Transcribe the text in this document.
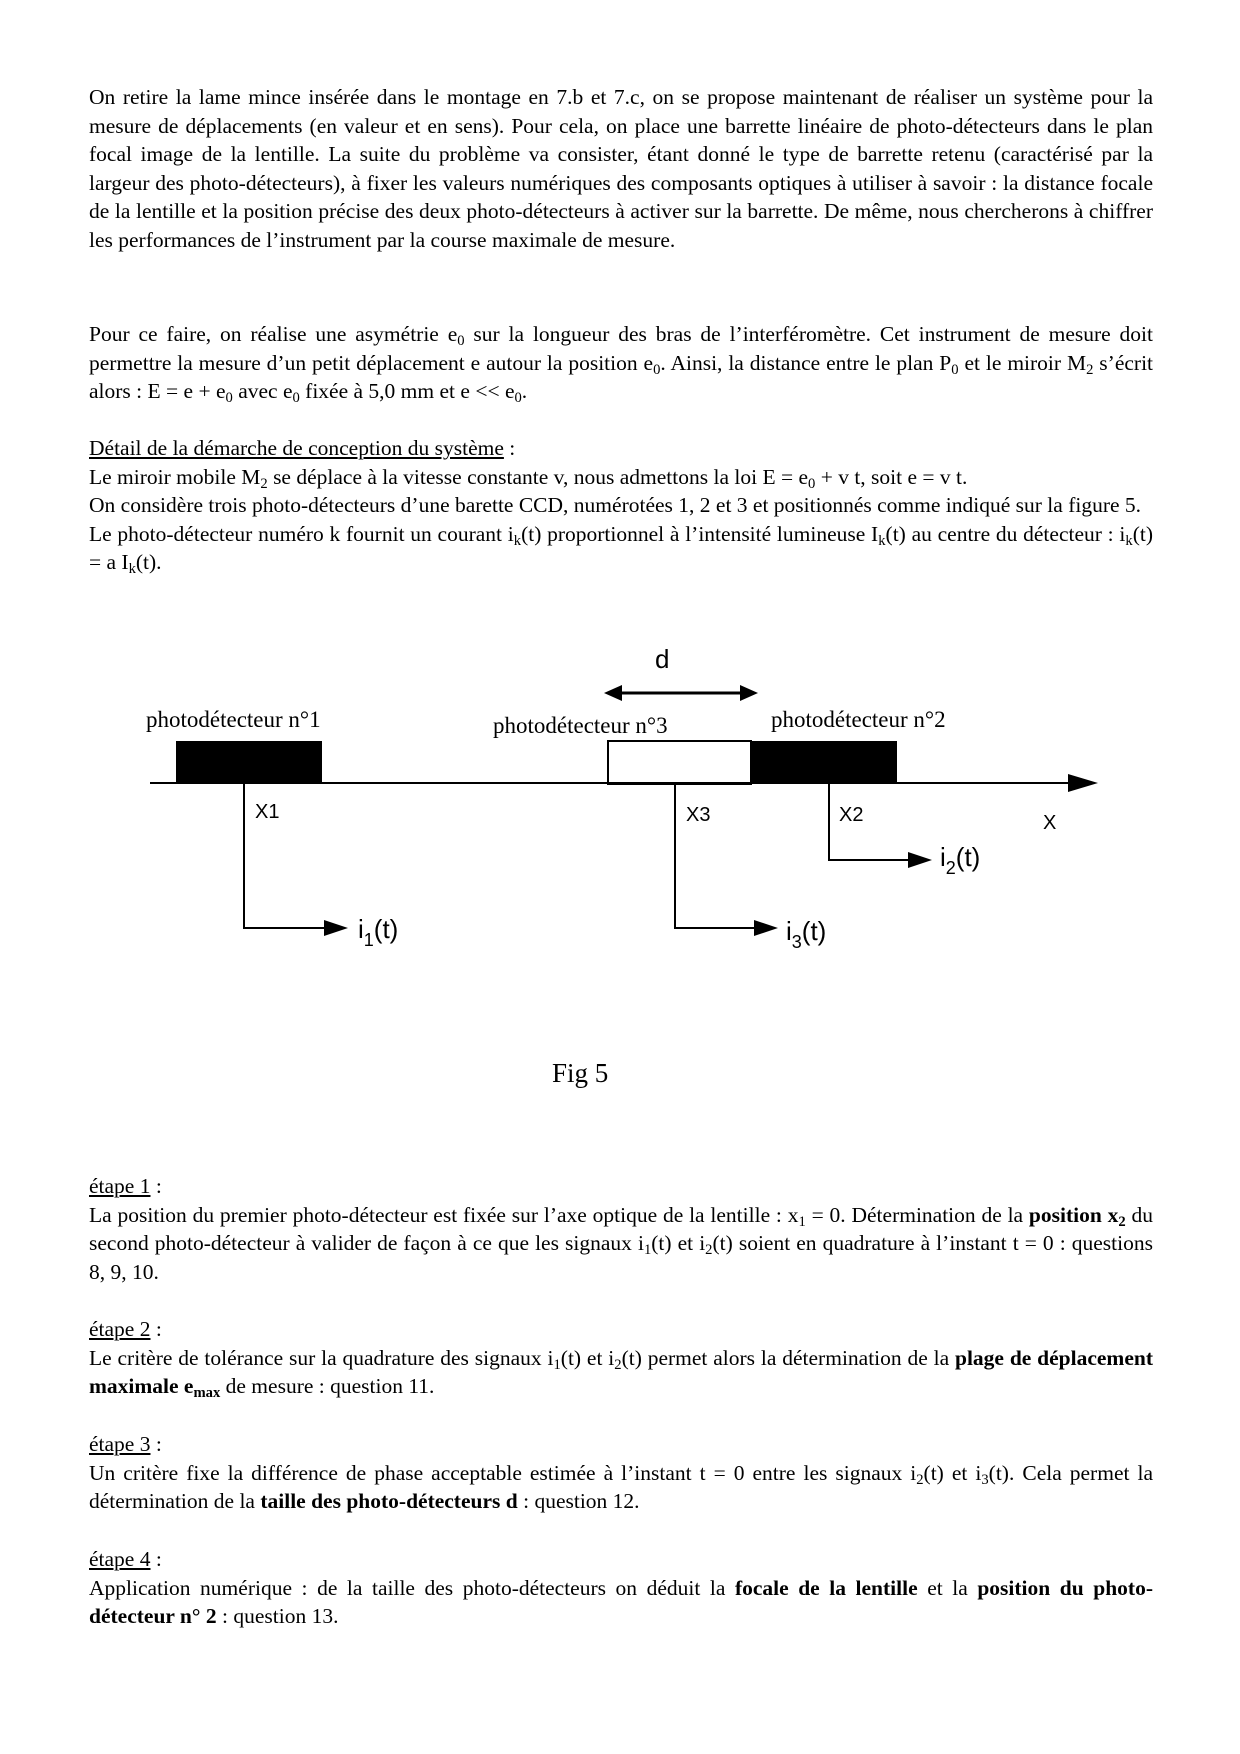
On retire la lame mince insérée dans le montage en 7.b et 7.c, on se propose maintenant de réaliser un système pour la mesure de déplacements (en valeur et en sens). Pour cela, on place une barrette linéaire de photo-détecteurs dans le plan focal image de la lentille. La suite du problème va consister, étant donné le type de barrette retenu (caractérisé par la largeur des photo-détecteurs), à fixer les valeurs numériques des composants optiques à utiliser à savoir : la distance focale de la lentille et la position précise des deux photo-détecteurs à activer sur la barrette. De même, nous chercherons à chiffrer les performances de l’instrument par la course maximale de mesure.

Pour ce faire, on réalise une asymétrie $e_0$ sur la longueur des bras de l’interféromètre. Cet instrument de mesure doit permettre la mesure d’un petit déplacement e autour la position $e_0$. Ainsi, la distance entre le plan $P_0$ et le miroir $M_2$ s’écrit alors : $E = e + e_0$ avec $e_0$ fixée à 5,0 mm et $e << e_0$.

Détail de la démarche de conception du système :

Le miroir mobile $M_2$ se déplace à la vitesse constante v, nous admettons la loi $E = e_0 + v$ t, soit e = v t.

On considère trois photo-détecteurs d’une barette CCD, numérotées 1, 2 et 3 et positionnés comme indiqué sur la figure 5.

Le photo-détecteur numéro k fournit un courant $i_k(t)$ proportionnel à l’intensité lumineuse $I_k(t)$ au centre du détecteur : $i_k(t) = a$ $I_k(t)$.

d
photodétecteur n°1	photodétecteur n°3	photodétecteur n°2
X
X1
$i_1(t)$
X3
$i_3(t)$
X2
$i_2(t)$
Fig 5

étape 1 :

La position du premier photo-détecteur est fixée sur l’axe optique de la lentille : $x_1 = 0$. Détermination de la position $x_2$ du second photo-détecteur à valider de façon à ce que les signaux $i_1(t)$ et $i_2(t)$ soient en quadrature à l’instant t = 0 : questions 8, 9, 10.

étape 2 :

Le critère de tolérance sur la quadrature des signaux $i_1(t)$ et $i_2(t)$ permet alors la détermination de la plage de déplacement maximale $e_{max}$ de mesure : question 11.

étape 3 :

Un critère fixe la différence de phase acceptable estimée à l’instant t = 0 entre les signaux $i_2(t)$ et $i_3(t)$. Cela permet la détermination de la taille des photo-détecteurs d : question 12.

étape 4 :

Application numérique : de la taille des photo-détecteurs on déduit la focale de la lentille et la position du photo-détecteur n° 2 : question 13.
